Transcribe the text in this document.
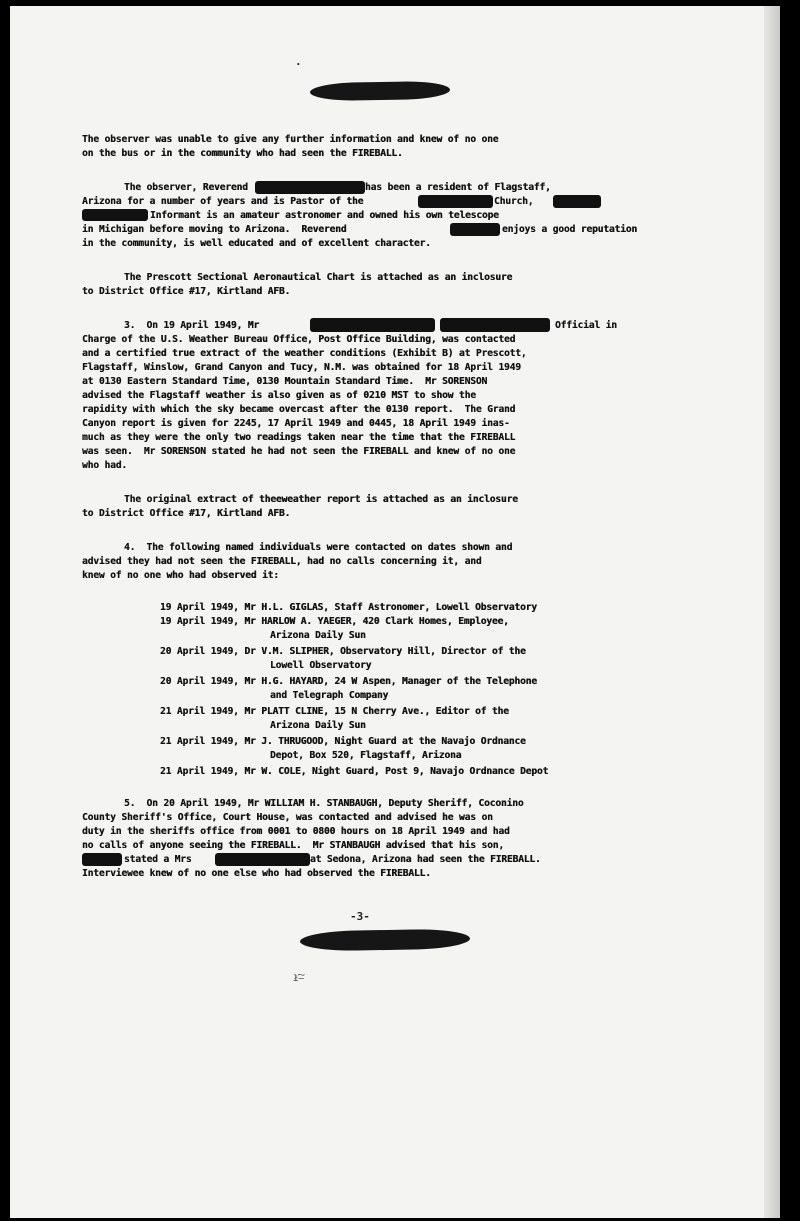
·

The observer was unable to give any further information and knew of no one

on the bus or in the community who had seen the FIREBALL.

The observer, Reverend	has been a resident of Flagstaff,

Arizona for a number of years and is Pastor of the	Church,

Informant is an amateur astronomer and owned his own telescope

in Michigan before moving to Arizona.  Reverend	enjoys a good reputation

in the community, is well educated and of excellent character.

The Prescott Sectional Aeronautical Chart is attached as an inclosure

to District Office #17, Kirtland AFB.

3.  On 19 April 1949, Mr	Official in

Charge of the U.S. Weather Bureau Office, Post Office Building, was contacted

and a certified true extract of the weather conditions (Exhibit B) at Prescott,

Flagstaff, Winslow, Grand Canyon and Tucy, N.M. was obtained for 18 April 1949

at 0130 Eastern Standard Time, 0130 Mountain Standard Time.  Mr SORENSON

advised the Flagstaff weather is also given as of 0210 MST to show the

rapidity with which the sky became overcast after the 0130 report.  The Grand

Canyon report is given for 2245, 17 April 1949 and 0445, 18 April 1949 inas-

much as they were the only two readings taken near the time that the FIREBALL

was seen.  Mr SORENSON stated he had not seen the FIREBALL and knew of no one

who had.

The original extract of theeweather report is attached as an inclosure

to District Office #17, Kirtland AFB.

4.  The following named individuals were contacted on dates shown and

advised they had not seen the FIREBALL, had no calls concerning it, and

knew of no one who had observed it:

19 April 1949, Mr H.L. GIGLAS, Staff Astronomer, Lowell Observatory

19 April 1949, Mr HARLOW A. YAEGER, 420 Clark Homes, Employee,

Arizona Daily Sun

20 April 1949, Dr V.M. SLIPHER, Observatory Hill, Director of the

Lowell Observatory

20 April 1949, Mr H.G. HAYARD, 24 W Aspen, Manager of the Telephone

and Telegraph Company

21 April 1949, Mr PLATT CLINE, 15 N Cherry Ave., Editor of the

Arizona Daily Sun

21 April 1949, Mr J. THRUGOOD, Night Guard at the Navajo Ordnance

Depot, Box 520, Flagstaff, Arizona

21 April 1949, Mr W. COLE, Night Guard, Post 9, Navajo Ordnance Depot

5.  On 20 April 1949, Mr WILLIAM H. STANBAUGH, Deputy Sheriff, Coconino

County Sheriff's Office, Court House, was contacted and advised he was on

duty in the sheriffs office from 0001 to 0800 hours on 18 April 1949 and had

no calls of anyone seeing the FIREBALL.  Mr STANBAUGH advised that his son,

stated a Mrs	at Sedona, Arizona had seen the FIREBALL.

Interviewee knew of no one else who had observed the FIREBALL.

-3-
ł͠—
